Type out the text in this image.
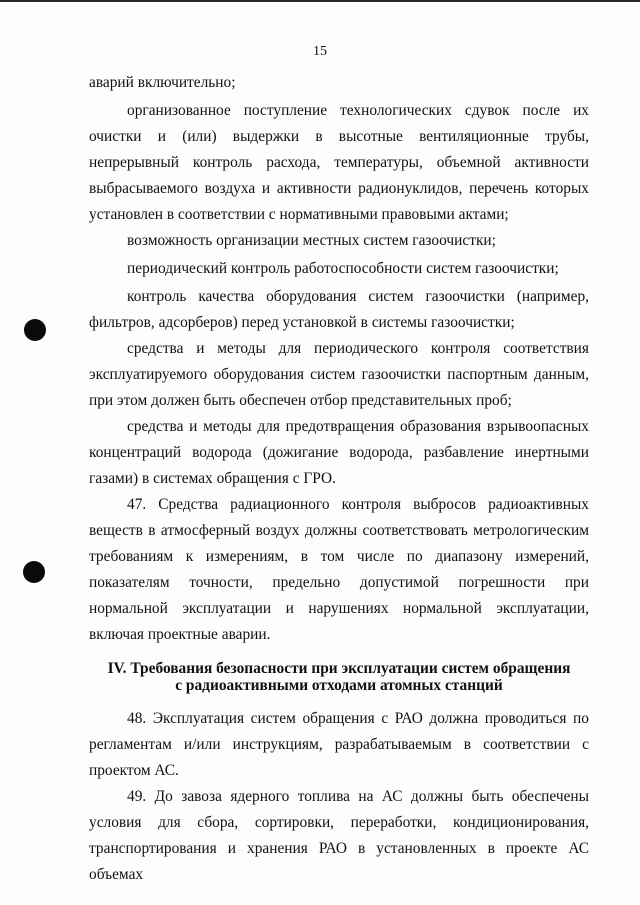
15

аварий включительно;

организованное поступление технологических сдувок после их очистки и (или) выдержки в высотные вентиляционные трубы, непрерывный контроль расхода, температуры, объемной активности выбрасываемого воздуха и активности радионуклидов, перечень которых установлен в соответствии с нормативными правовыми актами;

возможность организации местных систем газоочистки;

периодический контроль работоспособности систем газоочистки;

контроль качества оборудования систем газоочистки (например, фильтров, адсорберов) перед установкой в системы газоочистки;

средства и методы для периодического контроля соответствия эксплуатируемого оборудования систем газоочистки паспортным данным, при этом должен быть обеспечен отбор представительных проб;

средства и методы для предотвращения образования взрывоопасных концентраций водорода (дожигание водорода, разбавление инертными газами) в системах обращения с ГРО.

47. Средства радиационного контроля выбросов радиоактивных веществ в атмосферный воздух должны соответствовать метрологическим требованиям к измерениям, в том числе по диапазону измерений, показателям точности, предельно допустимой погрешности при нормальной эксплуатации и нарушениях нормальной эксплуатации, включая проектные аварии.

IV. Требования безопасности при эксплуатации систем обращения
с радиоактивными отходами атомных станций

48. Эксплуатация систем обращения с РАО должна проводиться по регламентам и/или инструкциям, разрабатываемым в соответствии с проектом АС.

49. До завоза ядерного топлива на АС должны быть обеспечены условия для сбора, сортировки, переработки, кондиционирования, транспортирования и хранения РАО в установленных в проекте АС объемах
